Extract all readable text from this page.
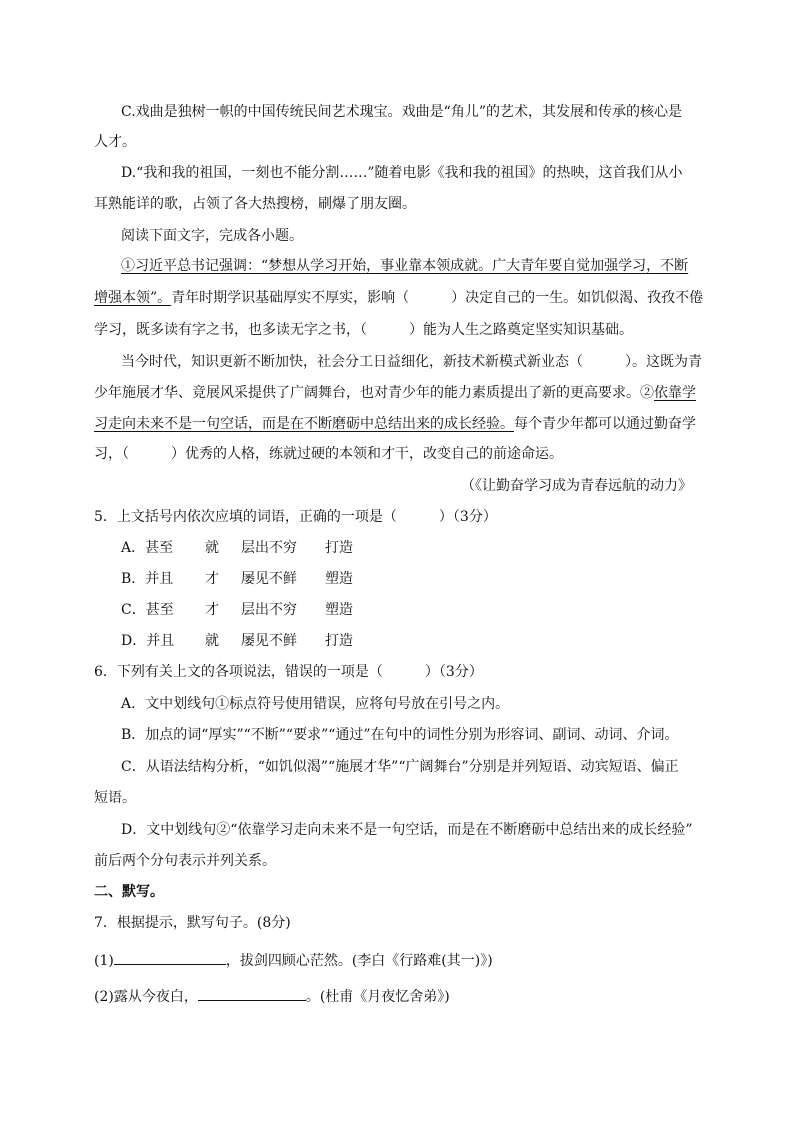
C.戏曲是独树一帜的中国传统民间艺术瑰宝。戏曲是“角儿”的艺术，其发展和传承的核心是
人才。
D.“我和我的祖国，一刻也不能分割……”随着电影《我和我的祖国》的热映，这首我们从小
耳熟能详的歌，占领了各大热搜榜，刷爆了朋友圈。
阅读下面文字，完成各小题。
①习近平总书记强调：“梦想从学习开始，事业靠本领成就。广大青年要自觉加强学习，不断
增强本领”。青年时期学识基础厚实不厚实，影响（　　　）决定自己的一生。如饥似渴、孜孜不倦
学习，既多读有字之书，也多读无字之书，（　　　）能为人生之路奠定坚实知识基础。
当今时代，知识更新不断加快，社会分工日益细化，新技术新模式新业态（　　　）。这既为青
少年施展才华、竞展风采提供了广阔舞台，也对青少年的能力素质提出了新的更高要求。②依靠学
习走向未来不是一句空话，而是在不断磨砺中总结出来的成长经验。每个青少年都可以通过勤奋学
习，（　　　）优秀的人格，练就过硬的本领和才干，改变自己的前途命运。
（《让勤奋学习成为青春远航的动力》
5．上文括号内依次应填的词语，正确的一项是（　　　）（3分）
A．甚至 就 层出不穷 打造
B．并且 才 屡见不鲜 塑造
C．甚至 才 层出不穷 塑造
D．并且 就 屡见不鲜 打造
6．下列有关上文的各项说法，错误的一项是（　　　）（3分）
A．文中划线句①标点符号使用错误，应将句号放在引号之内。
B．加点的词“厚实”“不断”“要求”“通过”在句中的词性分别为形容词、副词、动词、介词。
C．从语法结构分析，“如饥似渴”“施展才华”“广阔舞台”分别是并列短语、动宾短语、偏正
短语。
D．文中划线句②“依靠学习走向未来不是一句空话，而是在不断磨砺中总结出来的成长经验”
前后两个分句表示并列关系。
二、默写。
7．根据提示，默写句子。(8分)
(1)	，拔剑四顾心茫然。(李白《行路难(其一)》)
(2)露从今夜白，	。(杜甫《月夜忆舍弟》)
